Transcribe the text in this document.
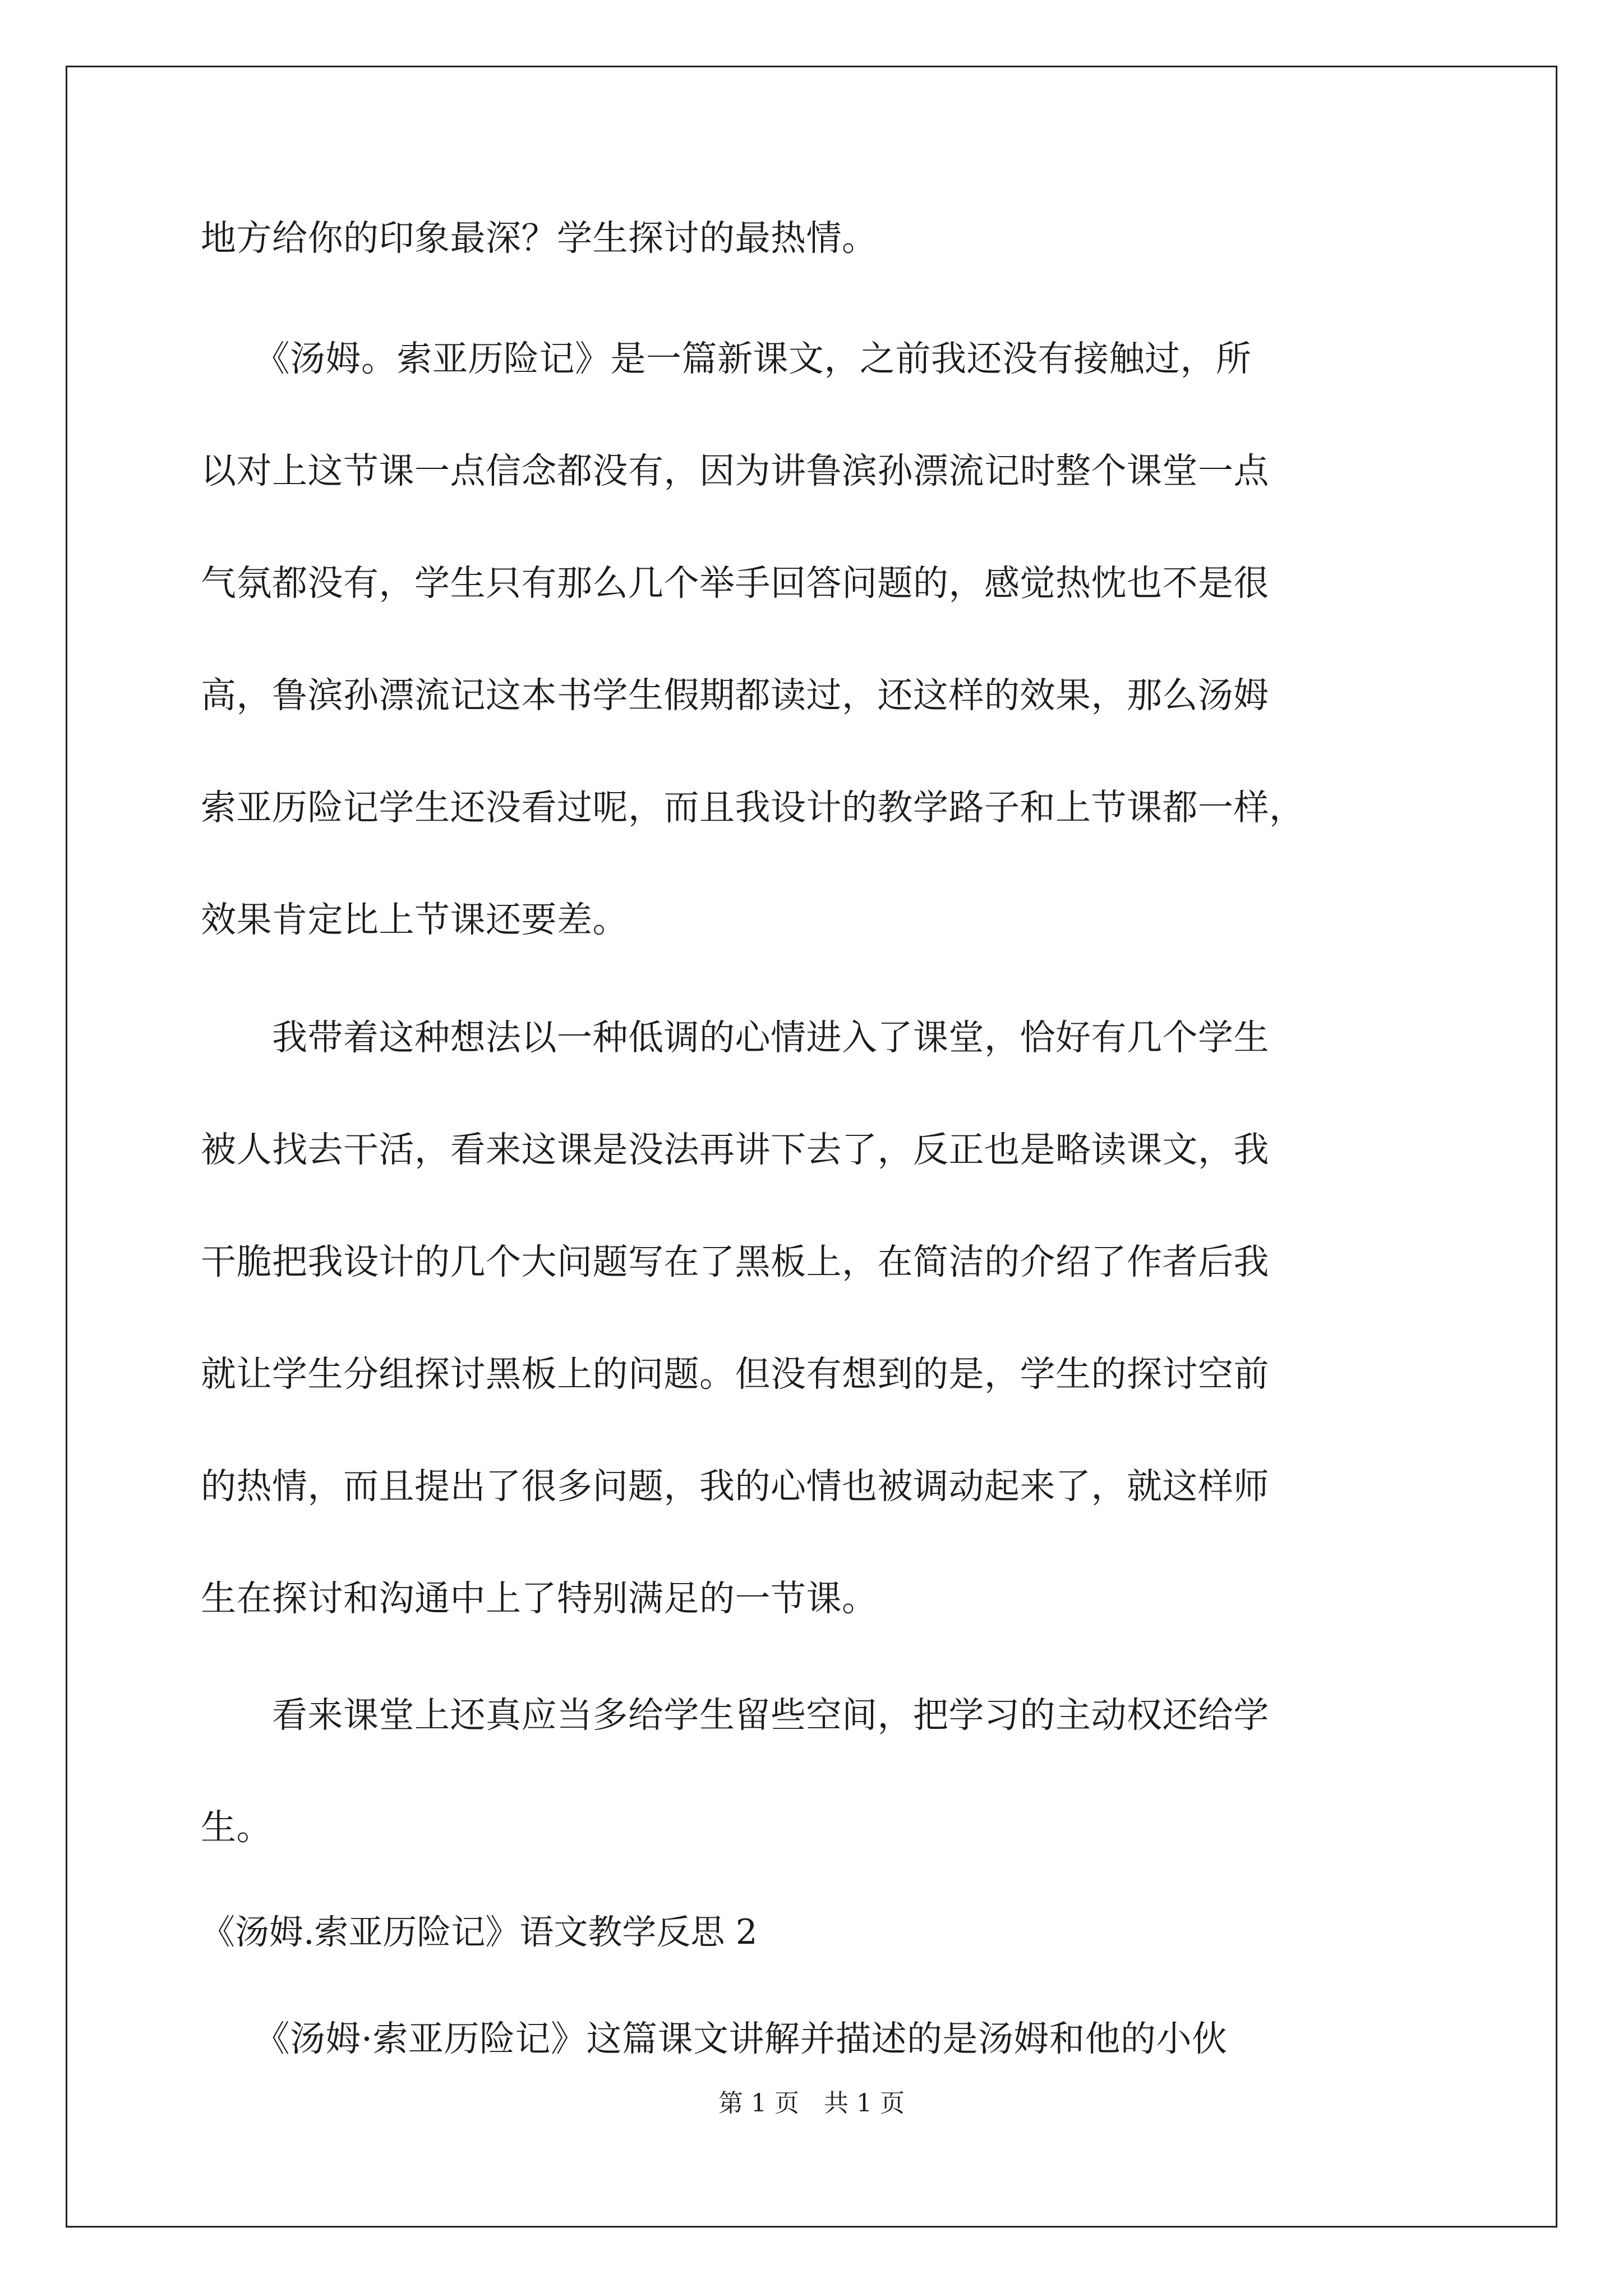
地方给你的印象最深？学生探讨的最热情。
　　《汤姆。索亚历险记》是一篇新课文，之前我还没有接触过，所
以对上这节课一点信念都没有，因为讲鲁滨孙漂流记时整个课堂一点
气氛都没有，学生只有那么几个举手回答问题的，感觉热忱也不是很
高，鲁滨孙漂流记这本书学生假期都读过，还这样的效果，那么汤姆
索亚历险记学生还没看过呢，而且我设计的教学路子和上节课都一样，
效果肯定比上节课还要差。
　　我带着这种想法以一种低调的心情进入了课堂，恰好有几个学生
被人找去干活，看来这课是没法再讲下去了，反正也是略读课文，我
干脆把我设计的几个大问题写在了黑板上，在简洁的介绍了作者后我
就让学生分组探讨黑板上的问题。但没有想到的是，学生的探讨空前
的热情，而且提出了很多问题，我的心情也被调动起来了，就这样师
生在探讨和沟通中上了特别满足的一节课。
　　看来课堂上还真应当多给学生留些空间，把学习的主动权还给学
生。
《汤姆.索亚历险记》语文教学反思 2
　　《汤姆·索亚历险记》这篇课文讲解并描述的是汤姆和他的小伙
第 1 页　共 1 页
